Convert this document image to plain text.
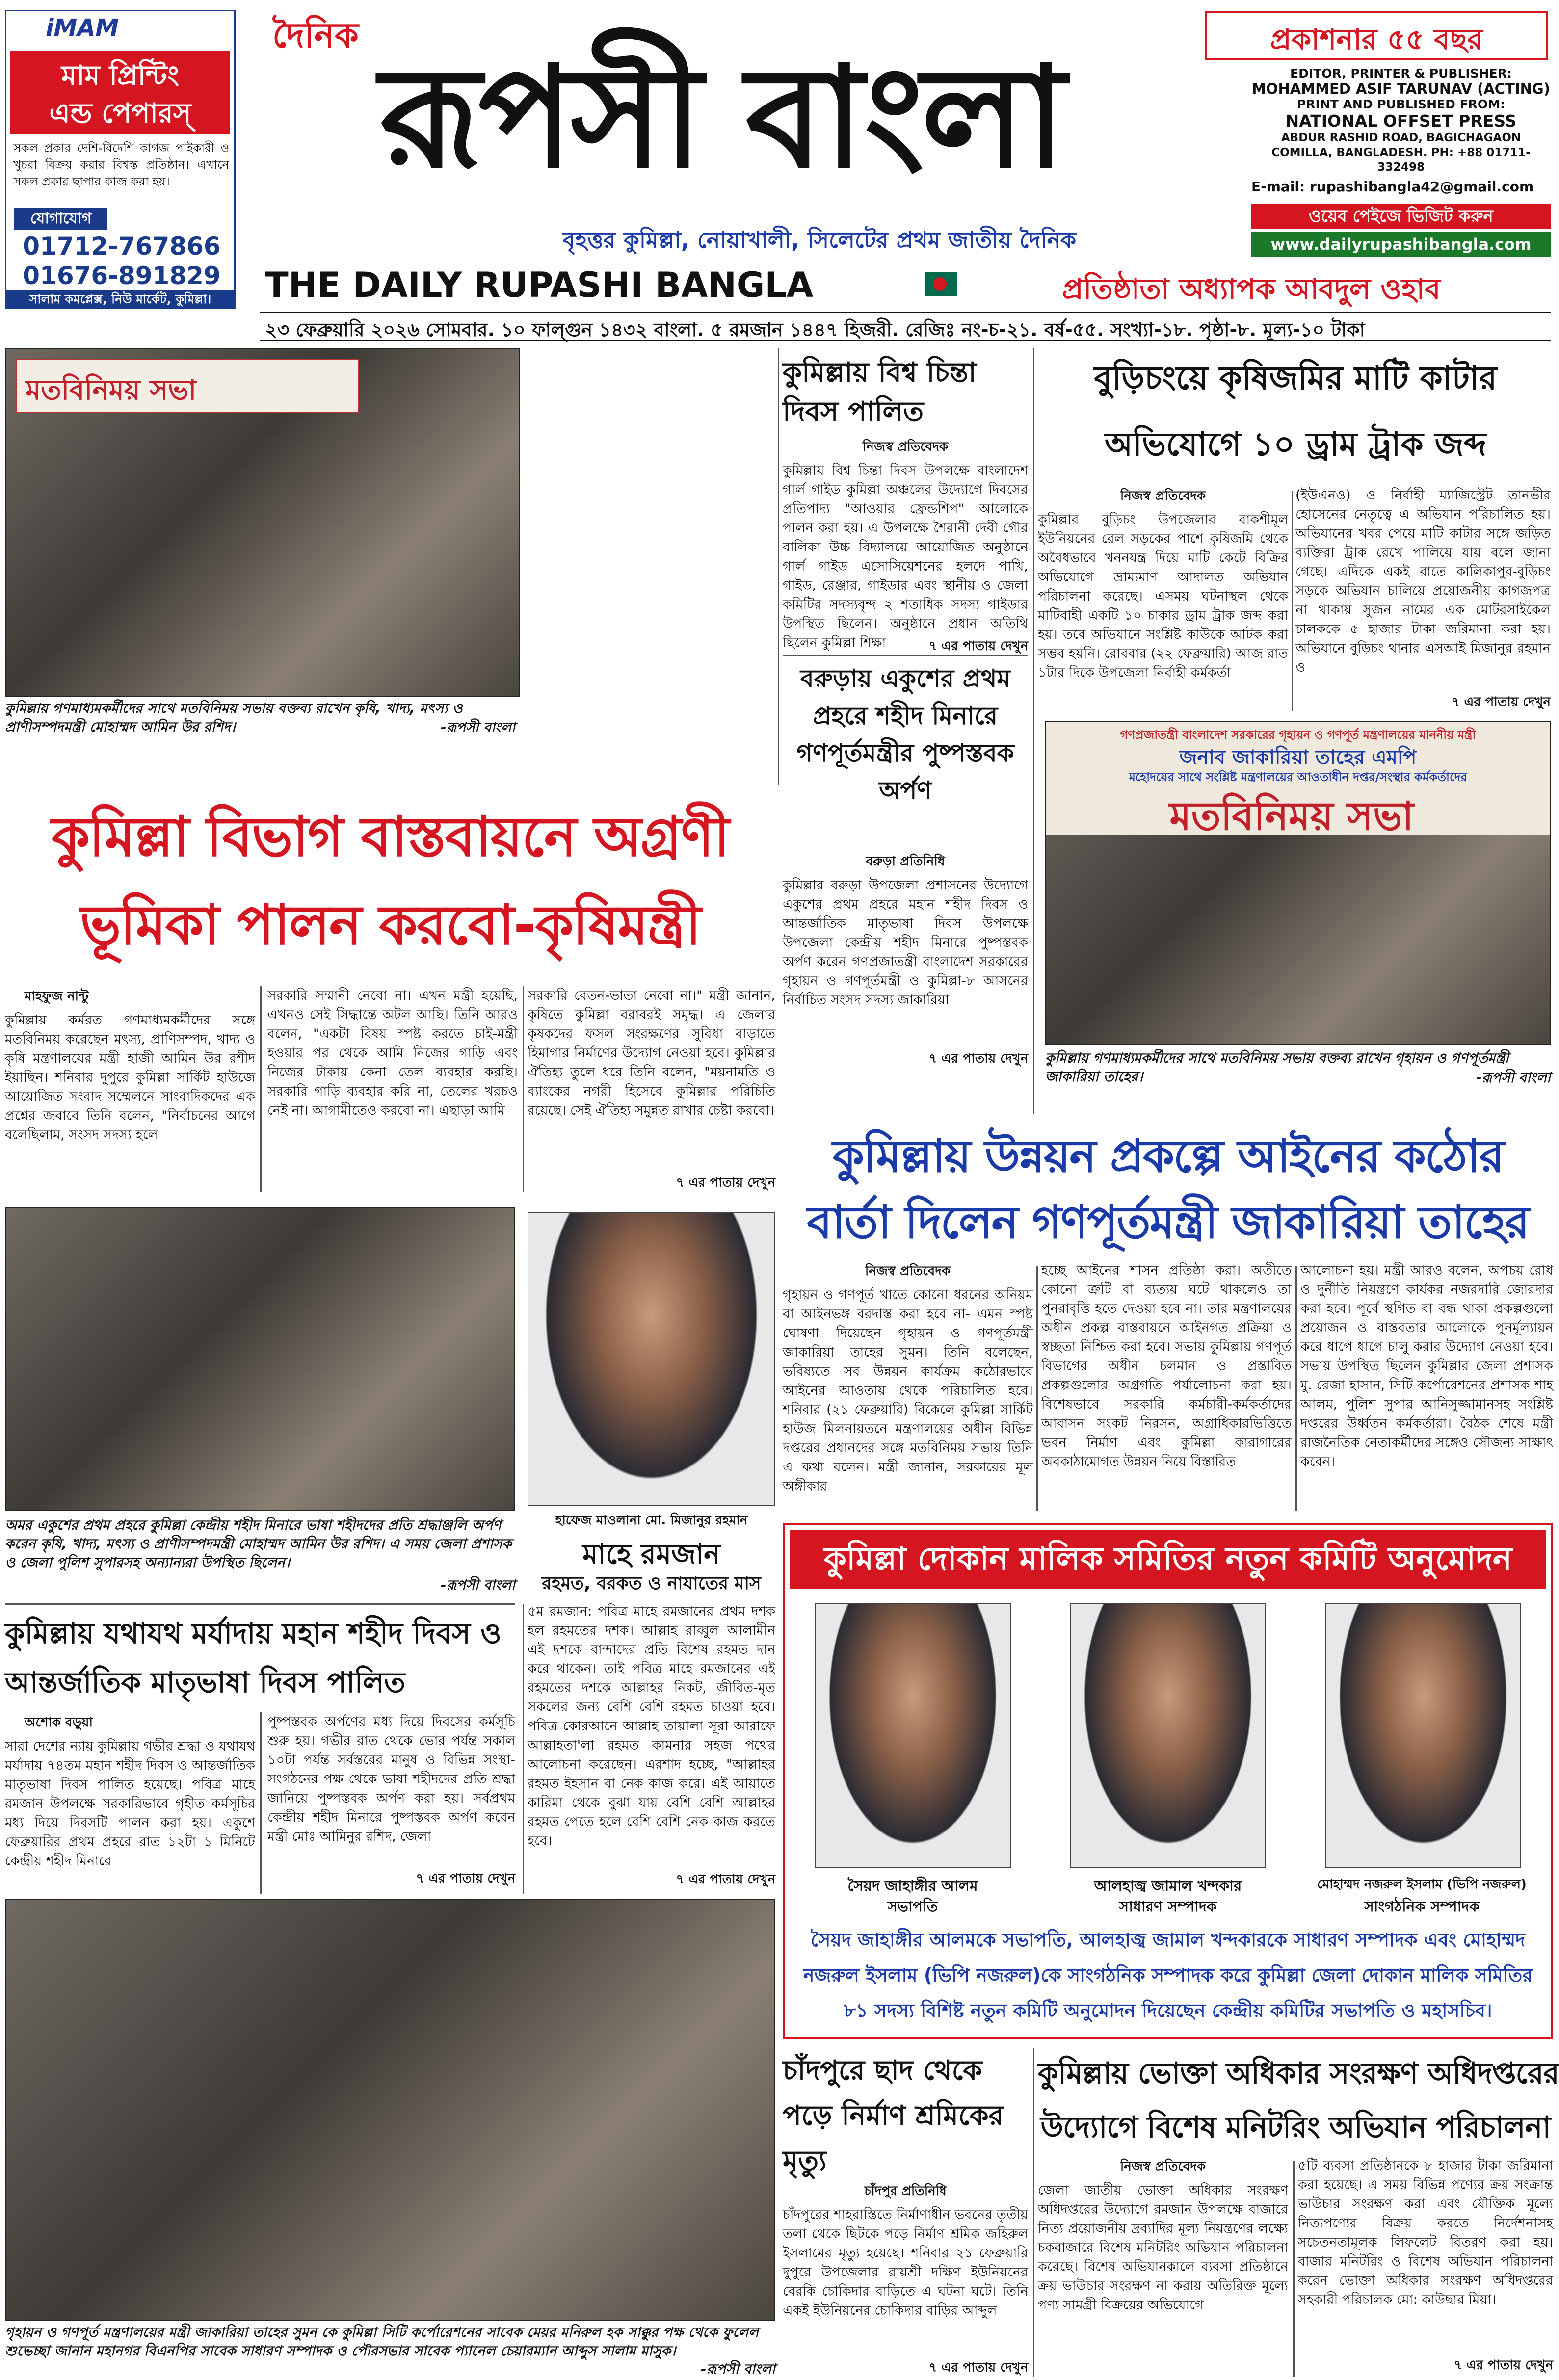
iMAM
মাম প্রিন্টিং
এন্ড পেপারস্
সকল প্রকার দেশি-বিদেশি কাগজ পাইকারী ও খুচরা বিক্রয় করার বিশ্বস্ত প্রতিষ্ঠান। এখানে সকল প্রকার ছাপার কাজ করা হয়।
যোগাযোগ
01712-767866
01676-891829
সালাম কমপ্লেক্স, নিউ মার্কেট, কুমিল্লা।
দৈনিক
রূপসী বাংলা
বৃহত্তর কুমিল্লা, নোয়াখালী, সিলেটের প্রথম জাতীয় দৈনিক
THE DAILY RUPASHI BANGLA	প্রতিষ্ঠাতা অধ্যাপক আবদুল ওহাব
প্রকাশনার ৫৫ বছর
EDITOR, PRINTER & PUBLISHER:
MOHAMMED ASIF TARUNAV (ACTING)
PRINT AND PUBLISHED FROM:
NATIONAL OFFSET PRESS
ABDUR RASHID ROAD, BAGICHAGAON COMILLA, BANGLADESH. PH: +88 01711-332498
E-mail: rupashibangla42@gmail.com
ওয়েব পেইজে ভিজিট করুন
www.dailyrupashibangla.com
২৩ ফেব্রুয়ারি ২০২৬ সোমবার. ১০ ফাল্গুন ১৪৩২ বাংলা. ৫ রমজান ১৪৪৭ হিজরী. রেজিঃ নং-চ-২১. বর্ষ-৫৫. সংখ্যা-১৮. পৃষ্ঠা-৮. মূল্য-১০ টাকা
মতবিনিময় সভা
কুমিল্লায় গণমাধ্যমকর্মীদের সাথে মতবিনিময় সভায় বক্তব্য রাখেন কৃষি, খাদ্য, মৎস্য ও প্রাণীসম্পদমন্ত্রী মোহাম্মদ আমিন উর রশিদ।	-রূপসী বাংলা
কুমিল্লা বিভাগ বাস্তবায়নে অগ্রণী
ভূমিকা পালন করবো-কৃষিমন্ত্রী
মাহফুজ নান্টু
কুমিল্লায় কর্মরত গণমাধ্যমকর্মীদের সঙ্গে মতবিনিময় করেছেন মৎস্য, প্রাণিসম্পদ, খাদ্য ও কৃষি মন্ত্রণালয়ের মন্ত্রী হাজী আমিন উর রশীদ ইয়াছিন। শনিবার দুপুরে কুমিল্লা সার্কিট হাউজে আয়োজিত সংবাদ সম্মেলনে সাংবাদিকদের এক প্রশ্নের জবাবে তিনি বলেন, "নির্বাচনের আগে বলেছিলাম, সংসদ সদস্য হলে
সরকারি সম্মানী নেবো না। এখন মন্ত্রী হয়েছি, এখনও সেই সিদ্ধান্তে অটল আছি। তিনি আরও বলেন, "একটা বিষয় স্পষ্ট করতে চাই-মন্ত্রী হওয়ার পর থেকে আমি নিজের গাড়ি এবং নিজের টাকায় কেনা তেল ব্যবহার করছি। সরকারি গাড়ি ব্যবহার করি না, তেলের খরচও নেই না। আগামীতেও করবো না। এছাড়া আমি
সরকারি বেতন-ভাতা নেবো না।" মন্ত্রী জানান, কৃষিতে কুমিল্লা বরাবরই সমৃদ্ধ। এ জেলার কৃষকদের ফসল সংরক্ষণের সুবিধা বাড়াতে হিমাগার নির্মাণের উদ্যোগ নেওয়া হবে। কুমিল্লার ঐতিহ্য তুলে ধরে তিনি বলেন, "ময়নামতি ও ব্যাংকের নগরী হিসেবে কুমিল্লার পরিচিতি রয়েছে। সেই ঐতিহ্য সমুন্নত রাখার চেষ্টা করবো।
৭ এর পাতায় দেখুন
অমর একুশের প্রথম প্রহরে কুমিল্লা কেন্দ্রীয় শহীদ মিনারে ভাষা শহীদদের প্রতি শ্রদ্ধাঞ্জলি অর্পণ করেন কৃষি, খাদ্য, মৎস্য ও প্রাণীসম্পদমন্ত্রী মোহাম্মদ আমিন উর রশিদ। এ সময় জেলা প্রশাসক ও জেলা পুলিশ সুপারসহ অন্যান্যরা উপস্থিত ছিলেন।
-রূপসী বাংলা
হাফেজ মাওলানা মো. মিজানুর রহমান
মাহে রমজান
রহমত, বরকত ও নাযাতের মাস
কুমিল্লায় যথাযথ মর্যাদায় মহান শহীদ দিবস ও
আন্তর্জাতিক মাতৃভাষা দিবস পালিত
অশোক বড়ুয়া
সারা দেশের ন্যায় কুমিল্লায় গভীর শ্রদ্ধা ও যথাযথ মর্যাদায় ৭৪তম মহান শহীদ দিবস ও আন্তর্জাতিক মাতৃভাষা দিবস পালিত হয়েছে। পবিত্র মাহে রমজান উপলক্ষে সরকারিভাবে গৃহীত কর্মসূচির মধ্য দিয়ে দিবসটি পালন করা হয়। একুশে ফেব্রুয়ারির প্রথম প্রহরে রাত ১২টা ১ মিনিটে কেন্দ্রীয় শহীদ মিনারে
পুষ্পস্তবক অর্পণের মধ্য দিয়ে দিবসের কর্মসূচি শুরু হয়। গভীর রাত থেকে ভোর পর্যন্ত সকাল ১০টা পর্যন্ত সর্বস্তরের মানুষ ও বিভিন্ন সংস্থা-সংগঠনের পক্ষ থেকে ভাষা শহীদদের প্রতি শ্রদ্ধা জানিয়ে পুষ্পস্তবক অর্পণ করা হয়। সর্বপ্রথম কেন্দ্রীয় শহীদ মিনারে পুষ্পস্তবক অর্পণ করেন মন্ত্রী মোঃ আমিনুর রশিদ, জেলা
৭ এর পাতায় দেখুন
৫ম রমজান: পবিত্র মাহে রমজানের প্রথম দশক হল রহমতের দশক। আল্লাহ রাব্বুল আলামীন এই দশকে বান্দাদের প্রতি বিশেষ রহমত দান করে থাকেন। তাই পবিত্র মাহে রমজানের এই রহমতের দশকে আল্লাহর নিকট, জীবিত-মৃত সকলের জন্য বেশি বেশি রহমত চাওয়া হবে। পবিত্র কোরআনে আল্লাহ তায়ালা সূরা আরাফে আল্লাহতা'লা রহমত কামনার সহজ পথের আলোচনা করেছেন। এরশাদ হচ্ছে, "আল্লাহর রহমত ইহসান বা নেক কাজ করে। এই আয়াতে কারিমা থেকে বুঝা যায় বেশি বেশি আল্লাহর রহমত পেতে হলে বেশি বেশি নেক কাজ করতে হবে।
৭ এর পাতায় দেখুন
গৃহায়ন ও গণপূর্ত মন্ত্রণালয়ের মন্ত্রী জাকারিয়া তাহের সুমন কে কুমিল্লা সিটি কর্পোরেশনের সাবেক মেয়র মনিরুল হক সাক্কুর পক্ষ থেকে ফুলেল শুভেচ্ছা জানান মহানগর বিএনপির সাবেক সাধারণ সম্পাদক ও পৌরসভার সাবেক প্যানেল চেয়ারম্যান আব্দুস সালাম মাসুক।
-রূপসী বাংলা
কুমিল্লায় বিশ্ব চিন্তা দিবস পালিত
নিজস্ব প্রতিবেদক
কুমিল্লায় বিশ্ব চিন্তা দিবস উপলক্ষে বাংলাদেশ গার্ল গাইড কুমিল্লা অঞ্চলের উদ্যোগে দিবসের প্রতিপাদ্য "আওয়ার ফ্রেন্ডশিপ" আলোকে পালন করা হয়। এ উপলক্ষে শৈরানী দেবী গৌর বালিকা উচ্চ বিদ্যালয়ে আয়োজিত অনুষ্ঠানে গার্ল গাইড এসোসিয়েশনের হলদে পাখি, গাইড, রেঞ্জার, গাইডার এবং স্থানীয় ও জেলা কমিটির সদস্যবৃন্দ ২ শতাধিক সদস্য গাইডার উপস্থিত ছিলেন। অনুষ্ঠানে প্রধান অতিথি ছিলেন কুমিল্লা শিক্ষা	৭ এর পাতায় দেখুন
বরুড়ায় একুশের প্রথম প্রহরে শহীদ মিনারে গণপূর্তমন্ত্রীর পুষ্পস্তবক অর্পণ
বরুড়া প্রতিনিধি
কুমিল্লার বরুড়া উপজেলা প্রশাসনের উদ্যোগে একুশের প্রথম প্রহরে মহান শহীদ দিবস ও আন্তর্জাতিক মাতৃভাষা দিবস উপলক্ষে উপজেলা কেন্দ্রীয় শহীদ মিনারে পুষ্পস্তবক অর্পণ করেন গণপ্রজাতন্ত্রী বাংলাদেশ সরকারের গৃহায়ন ও গণপূর্তমন্ত্রী ও কুমিল্লা-৮ আসনের নির্বাচিত সংসদ সদস্য জাকারিয়া
৭ এর পাতায় দেখুন
বুড়িচংয়ে কৃষিজমির মাটি কাটার
অভিযোগে ১০ ড্রাম ট্রাক জব্দ
নিজস্ব প্রতিবেদক
কুমিল্লার বুড়িচং উপজেলার বাকশীমূল ইউনিয়নের রেল সড়কের পাশে কৃষিজমি থেকে অবৈধভাবে খননযন্ত্র দিয়ে মাটি কেটে বিক্রির অভিযোগে ভ্রাম্যমাণ আদালত অভিযান পরিচালনা করেছে। এসময় ঘটনাস্থল থেকে মাটিবাহী একটি ১০ চাকার ড্রাম ট্রাক জব্দ করা হয়। তবে অভিযানে সংশ্লিষ্ট কাউকে আটক করা সম্ভব হয়নি। রোববার (২২ ফেব্রুয়ারি) আজ রাত ১টার দিকে উপজেলা নির্বাহী কর্মকর্তা
(ইউএনও) ও নির্বাহী ম্যাজিস্ট্রেট তানভীর হোসেনের নেতৃত্বে এ অভিযান পরিচালিত হয়। অভিযানের খবর পেয়ে মাটি কাটার সঙ্গে জড়িত ব্যক্তিরা ট্রাক রেখে পালিয়ে যায় বলে জানা গেছে। এদিকে একই রাতে কালিকাপুর-বুড়িচং সড়কে অভিযান চালিয়ে প্রয়োজনীয় কাগজপত্র না থাকায় সুজন নামের এক মোটরসাইকেল চালককে ৫ হাজার টাকা জরিমানা করা হয়। অভিযানে বুড়িচং থানার এসআই মিজানুর রহমান ও
৭ এর পাতায় দেখুন
গণপ্রজাতন্ত্রী বাংলাদেশ সরকারের গৃহায়ন ও গণপূর্ত মন্ত্রণালয়ের মাননীয় মন্ত্রী
জনাব জাকারিয়া তাহের এমপি
মহোদয়ের সাথে সংশ্লিষ্ট মন্ত্রণালয়ের আওতাধীন দপ্তর/সংস্থার কর্মকর্তাদের
মতবিনিময় সভা
কুমিল্লায় গণমাধ্যমকর্মীদের সাথে মতবিনিময় সভায় বক্তব্য রাখেন গৃহায়ন ও গণপূর্তমন্ত্রী জাকারিয়া তাহের।	-রূপসী বাংলা
কুমিল্লায় উন্নয়ন প্রকল্পে আইনের কঠোর
বার্তা দিলেন গণপূর্তমন্ত্রী জাকারিয়া তাহের
নিজস্ব প্রতিবেদক
গৃহায়ন ও গণপূর্ত খাতে কোনো ধরনের অনিয়ম বা আইনভঙ্গ বরদাস্ত করা হবে না- এমন স্পষ্ট ঘোষণা দিয়েছেন গৃহায়ন ও গণপূর্তমন্ত্রী জাকারিয়া তাহের সুমন। তিনি বলেছেন, ভবিষ্যতে সব উন্নয়ন কার্যক্রম কঠোরভাবে আইনের আওতায় থেকে পরিচালিত হবে। শনিবার (২১ ফেব্রুয়ারি) বিকেলে কুমিল্লা সার্কিট হাউজ মিলনায়তনে মন্ত্রণালয়ের অধীন বিভিন্ন দপ্তরের প্রধানদের সঙ্গে মতবিনিময় সভায় তিনি এ কথা বলেন। মন্ত্রী জানান, সরকারের মূল অঙ্গীকার
হচ্ছে আইনের শাসন প্রতিষ্ঠা করা। অতীতে কোনো ত্রুটি বা ব্যত্যয় ঘটে থাকলেও তা পুনরাবৃত্তি হতে দেওয়া হবে না। তার মন্ত্রণালয়ের অধীন প্রকল্প বাস্তবায়নে আইনগত প্রক্রিয়া ও স্বচ্ছতা নিশ্চিত করা হবে। সভায় কুমিল্লায় গণপূর্ত বিভাগের অধীন চলমান ও প্রস্তাবিত প্রকল্পগুলোর অগ্রগতি পর্যালোচনা করা হয়। বিশেষভাবে সরকারি কর্মচারী-কর্মকর্তাদের আবাসন সংকট নিরসন, অগ্রাধিকারভিত্তিতে ভবন নির্মাণ এবং কুমিল্লা কারাগারের অবকাঠামোগত উন্নয়ন নিয়ে বিস্তারিত
আলোচনা হয়। মন্ত্রী আরও বলেন, অপচয় রোধ ও দুর্নীতি নিয়ন্ত্রণে কার্যকর নজরদারি জোরদার করা হবে। পূর্বে স্থগিত বা বন্ধ থাকা প্রকল্পগুলো প্রয়োজন ও বাস্তবতার আলোকে পুনর্মূল্যায়ন করে ধাপে ধাপে চালু করার উদ্যোগ নেওয়া হবে। সভায় উপস্থিত ছিলেন কুমিল্লার জেলা প্রশাসক মু. রেজা হাসান, সিটি কর্পোরেশনের প্রশাসক শাহ আলম, পুলিশ সুপার আনিসুজ্জামানসহ সংশ্লিষ্ট দপ্তরের উর্ধ্বতন কর্মকর্তারা। বৈঠক শেষে মন্ত্রী রাজনৈতিক নেতাকর্মীদের সঙ্গেও সৌজন্য সাক্ষাৎ করেন।
কুমিল্লা দোকান মালিক সমিতির নতুন কমিটি অনুমোদন
সৈয়দ জাহাঙ্গীর আলম
সভাপতি
আলহাজ্ব জামাল খন্দকার
সাধারণ সম্পাদক
মোহাম্মদ নজরুল ইসলাম (ভিপি নজরুল)
সাংগঠনিক সম্পাদক
সৈয়দ জাহাঙ্গীর আলমকে সভাপতি, আলহাজ্ব জামাল খন্দকারকে সাধারণ সম্পাদক এবং মোহাম্মদ নজরুল ইসলাম (ভিপি নজরুল)কে সাংগঠনিক সম্পাদক করে কুমিল্লা জেলা দোকান মালিক সমিতির ৮১ সদস্য বিশিষ্ট নতুন কমিটি অনুমোদন দিয়েছেন কেন্দ্রীয় কমিটির সভাপতি ও মহাসচিব।
চাঁদপুরে ছাদ থেকে পড়ে নির্মাণ শ্রমিকের মৃত্যু
চাঁদপুর প্রতিনিধি
চাঁদপুরের শাহরাস্তিতে নির্মাণাধীন ভবনের তৃতীয় তলা থেকে ছিটকে পড়ে নির্মাণ শ্রমিক জহিরুল ইসলামের মৃত্যু হয়েছে। শনিবার ২১ ফেব্রুয়ারি দুপুরে উপজেলার রায়শ্রী দক্ষিণ ইউনিয়নের বেরকি চোকিদার বাড়িতে এ ঘটনা ঘটে। তিনি একই ইউনিয়নের চোকিদার বাড়ির আব্দুল
৭ এর পাতায় দেখুন
কুমিল্লায় ভোক্তা অধিকার সংরক্ষণ অধিদপ্তরের
উদ্যোগে বিশেষ মনিটরিং অভিযান পরিচালনা
নিজস্ব প্রতিবেদক
জেলা জাতীয় ভোক্তা অধিকার সংরক্ষণ অধিদপ্তরের উদ্যোগে রমজান উপলক্ষে বাজারে নিত্য প্রয়োজনীয় দ্রব্যাদির মূল্য নিয়ন্ত্রণের লক্ষ্যে চকবাজারে বিশেষ মনিটরিং অভিযান পরিচালনা করেছে। বিশেষ অভিযানকালে ব্যবসা প্রতিষ্ঠানে ক্রয় ভাউচার সংরক্ষণ না করায় অতিরিক্ত মূল্যে পণ্য সামগ্রী বিক্রয়ের অভিযোগে
৫টি ব্যবসা প্রতিষ্ঠানকে ৮ হাজার টাকা জরিমানা করা হয়েছে। এ সময় বিভিন্ন পণ্যের ক্রয় সংক্রান্ত ভাউচার সংরক্ষণ করা এবং যৌক্তিক মূল্যে নিত্যপণ্যের বিক্রয় করতে নির্দেশনাসহ সচেতনতামূলক লিফলেট বিতরণ করা হয়। বাজার মনিটরিং ও বিশেষ অভিযান পরিচালনা করেন ভোক্তা অধিকার সংরক্ষণ অধিদপ্তরের সহকারী পরিচালক মো: কাউছার মিয়া।
৭ এর পাতায় দেখুন
